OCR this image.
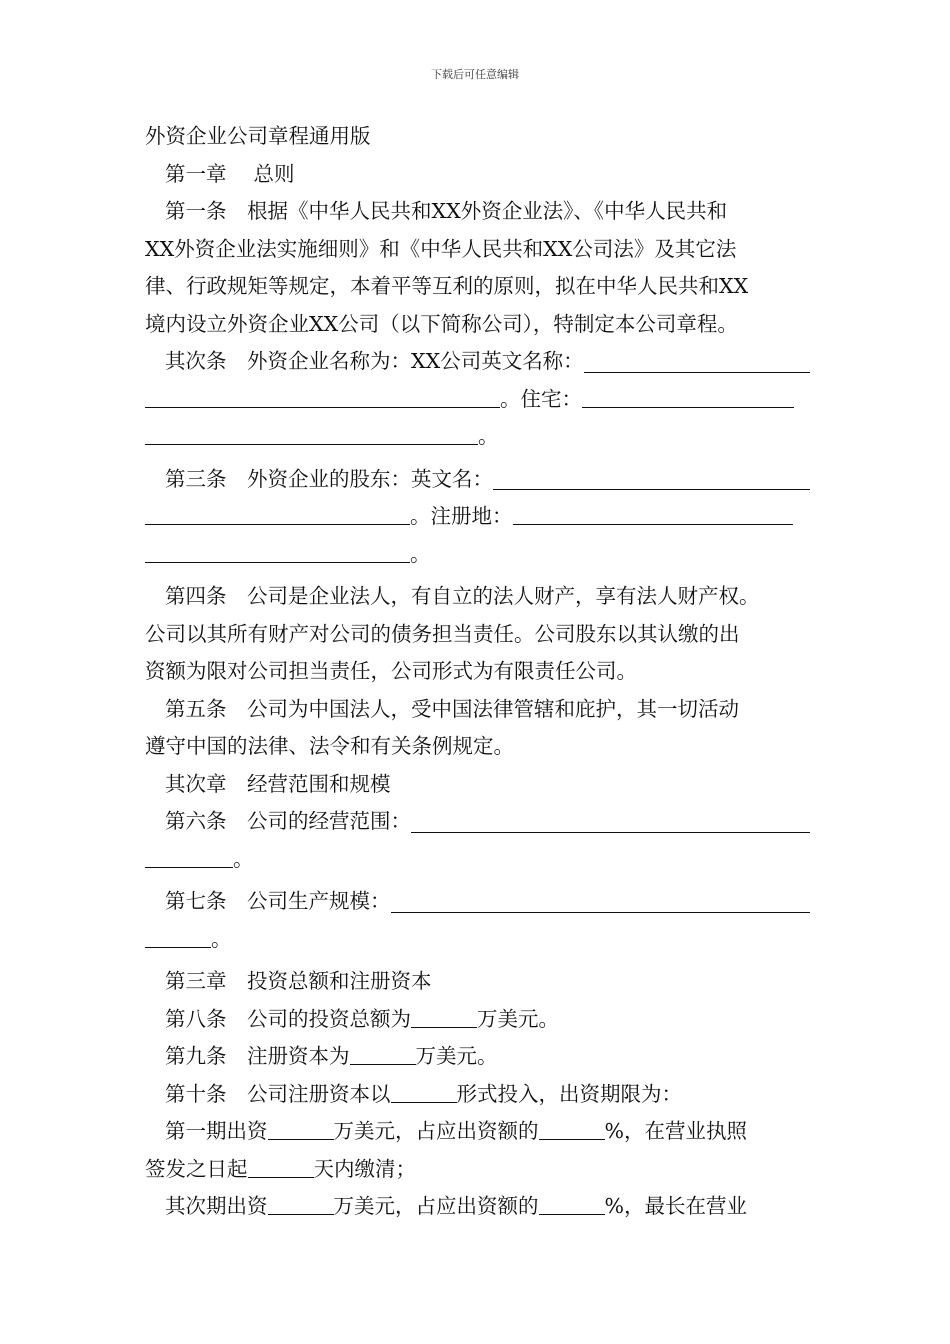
下载后可任意编辑
外资企业公司章程通用版
第一章　 总则
第一条　根据《中华人民共和XX外资企业法》、《中华人民共和
XX外资企业法实施细则》和《中华人民共和XX公司法》及其它法
律、行政规矩等规定，本着平等互利的原则，拟在中华人民共和XX
境内设立外资企业XX公司（以下简称公司），特制定本公司章程。
其次条　外资企业名称为：XX公司英文名称：
。住宅：
。
第三条　外资企业的股东：英文名：
。注册地：
。
第四条　公司是企业法人，有自立的法人财产，享有法人财产权。
公司以其所有财产对公司的债务担当责任。公司股东以其认缴的出
资额为限对公司担当责任，公司形式为有限责任公司。
第五条　公司为中国法人，受中国法律管辖和庇护，其一切活动
遵守中国的法律、法令和有关条例规定。
其次章　经营范围和规模
第六条　公司的经营范围：
。
第七条　公司生产规模：
。
第三章　投资总额和注册资本
第八条　公司的投资总额为	万美元。
第九条　注册资本为	万美元。
第十条　公司注册资本以	形式投入，出资期限为：
第一期出资	万美元，占应出资额的	%，在营业执照
签发之日起	天内缴清；
其次期出资	万美元，占应出资额的	%，最长在营业
